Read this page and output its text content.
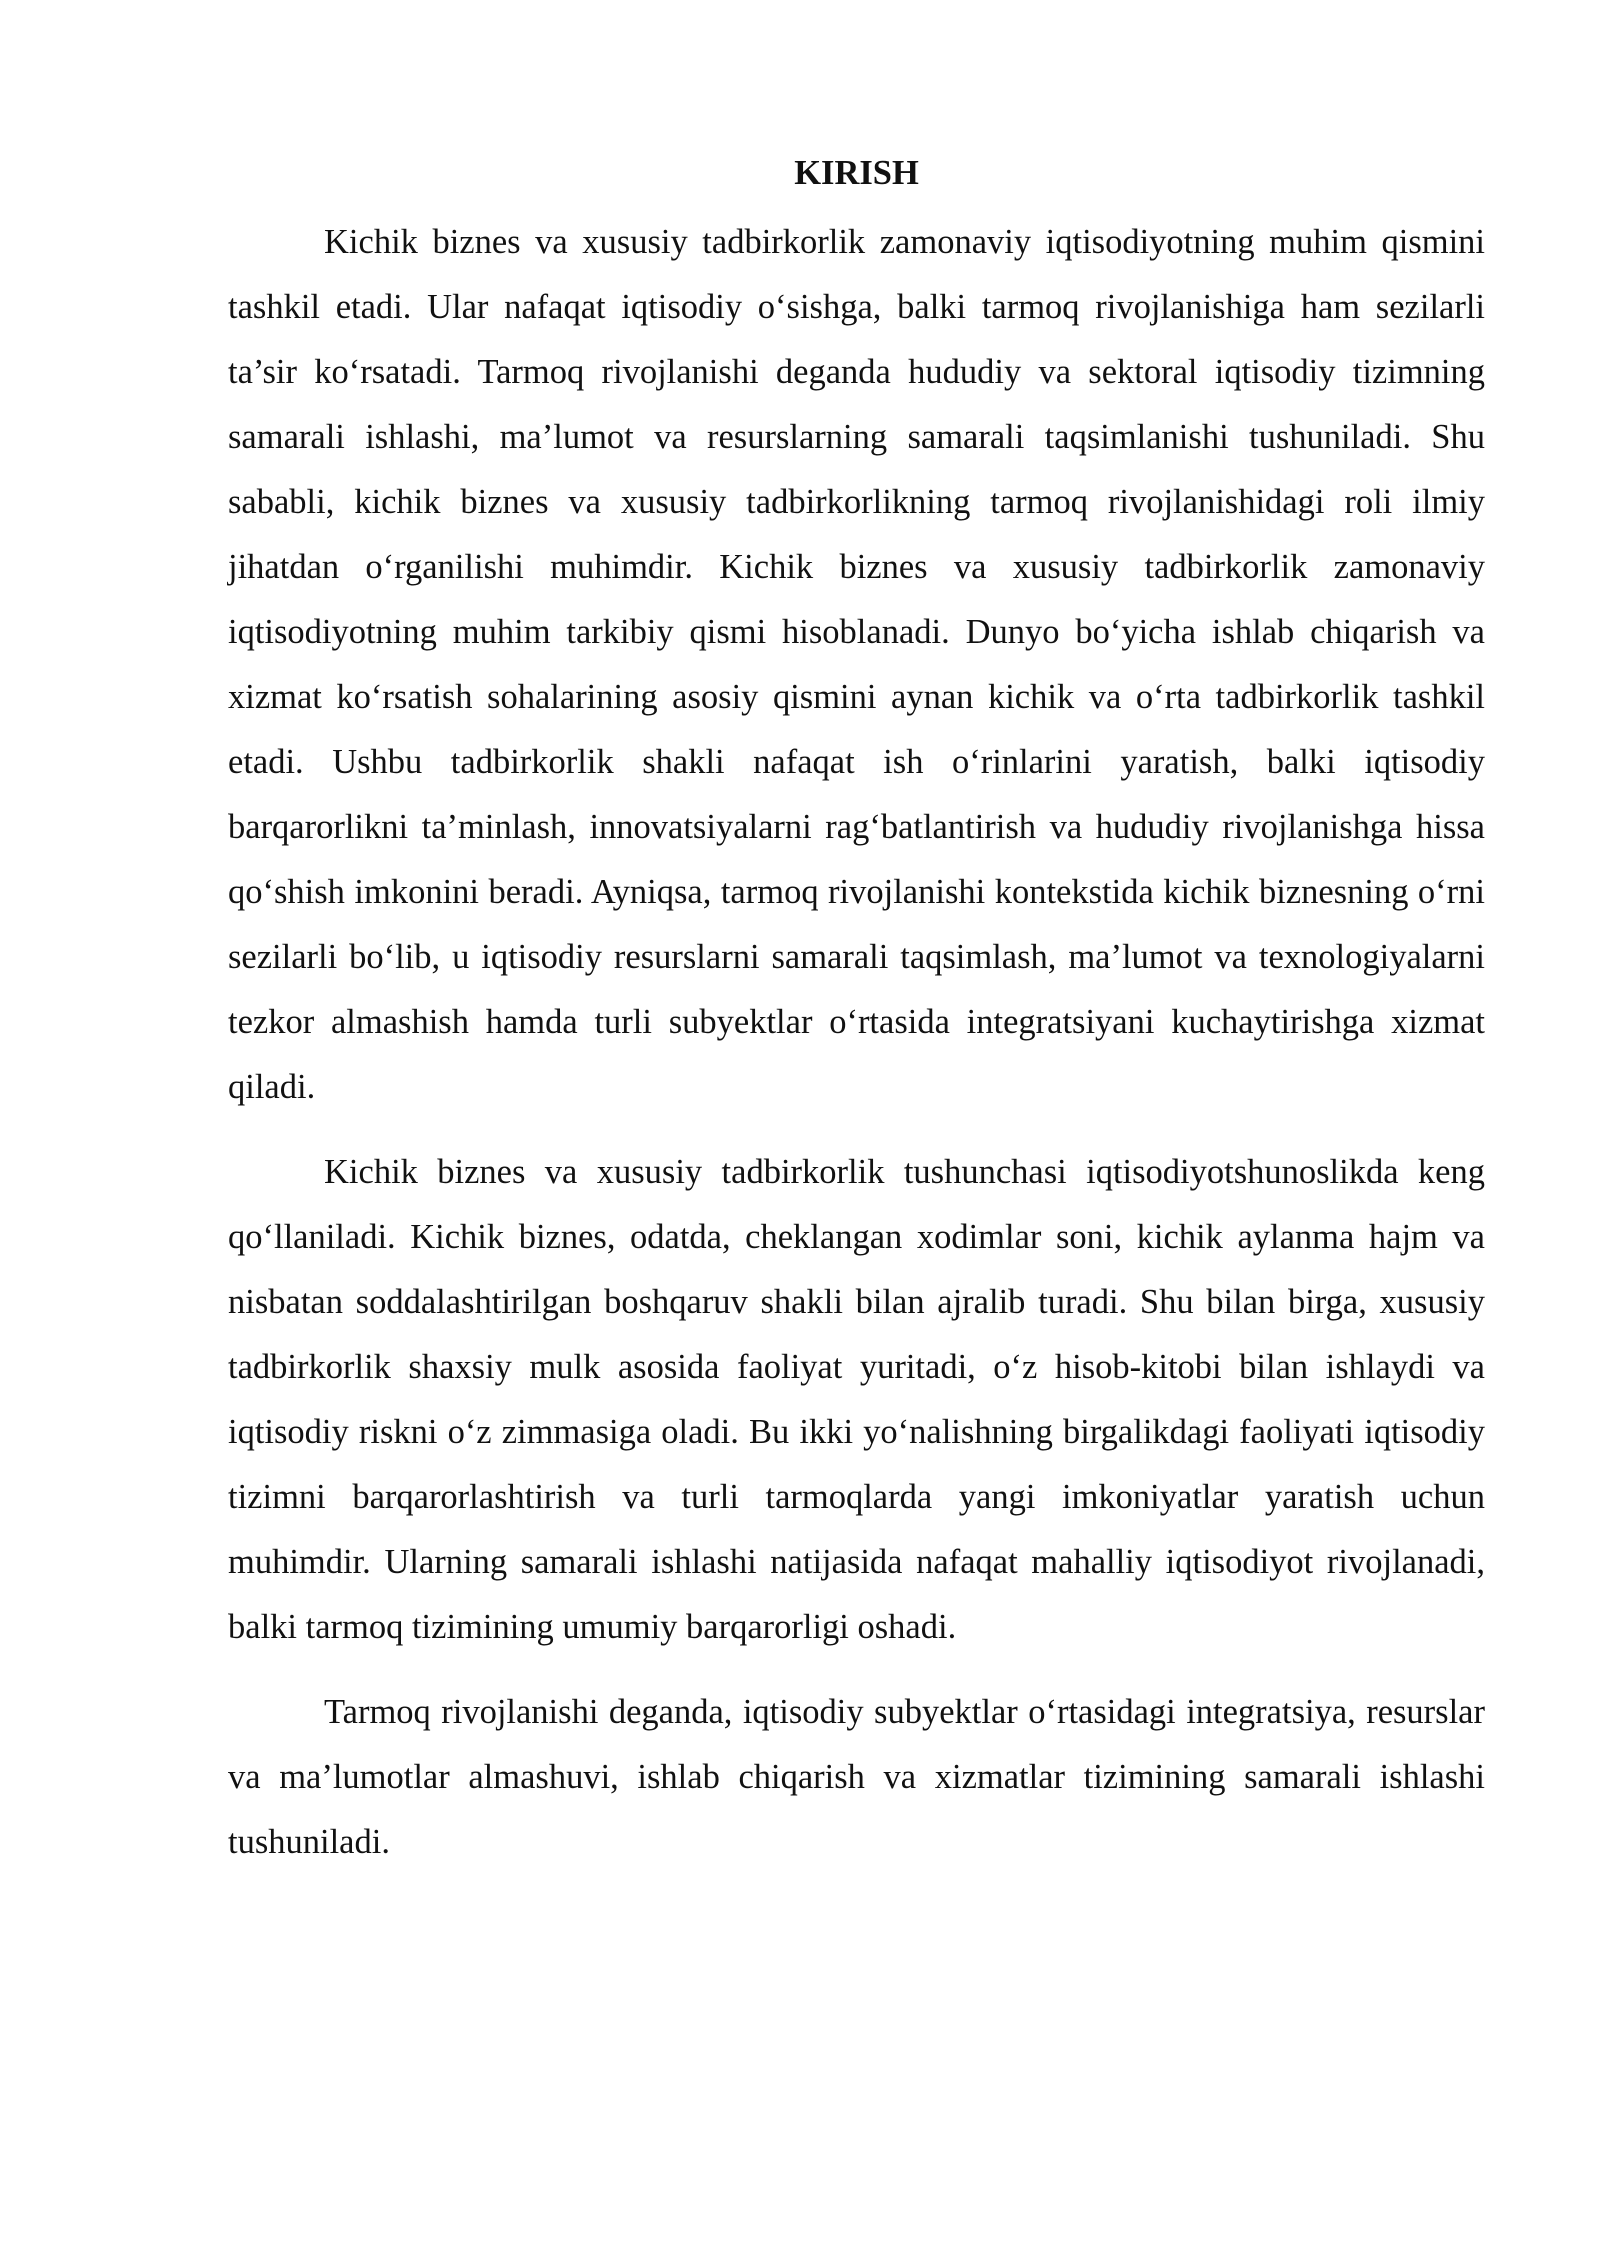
KIRISH

Kichik biznes va xususiy tadbirkorlik zamonaviy iqtisodiyotning muhim qismini tashkil etadi. Ular nafaqat iqtisodiy o‘sishga, balki tarmoq rivojlanishiga ham sezilarli ta’sir ko‘rsatadi. Tarmoq rivojlanishi deganda hududiy va sektoral iqtisodiy tizimning samarali ishlashi, ma’lumot va resurslarning samarali taqsimlanishi tushuniladi. Shu sababli, kichik biznes va xususiy tadbirkorlikning tarmoq rivojlanishidagi roli ilmiy jihatdan o‘rganilishi muhimdir. Kichik biznes va xususiy tadbirkorlik zamonaviy iqtisodiyotning muhim tarkibiy qismi hisoblanadi. Dunyo bo‘yicha ishlab chiqarish va xizmat ko‘rsatish sohalarining asosiy qismini aynan kichik va o‘rta tadbirkorlik tashkil etadi. Ushbu tadbirkorlik shakli nafaqat ish o‘rinlarini yaratish, balki iqtisodiy barqarorlikni ta’minlash, innovatsiyalarni rag‘batlantirish va hududiy rivojlanishga hissa qo‘shish imkonini beradi. Ayniqsa, tarmoq rivojlanishi kontekstida kichik biznesning o‘rni sezilarli bo‘lib, u iqtisodiy resurslarni samarali taqsimlash, ma’lumot va texnologiyalarni tezkor almashish hamda turli subyektlar o‘rtasida integratsiyani kuchaytirishga xizmat qiladi.

Kichik biznes va xususiy tadbirkorlik tushunchasi iqtisodiyotshunoslikda keng qo‘llaniladi. Kichik biznes, odatda, cheklangan xodimlar soni, kichik aylanma hajm va nisbatan soddalashtirilgan boshqaruv shakli bilan ajralib turadi. Shu bilan birga, xususiy tadbirkorlik shaxsiy mulk asosida faoliyat yuritadi, o‘z hisob-kitobi bilan ishlaydi va iqtisodiy riskni o‘z zimmasiga oladi. Bu ikki yo‘nalishning birgalikdagi faoliyati iqtisodiy tizimni barqarorlashtirish va turli tarmoqlarda yangi imkoniyatlar yaratish uchun muhimdir. Ularning samarali ishlashi natijasida nafaqat mahalliy iqtisodiyot rivojlanadi, balki tarmoq tizimining umumiy barqarorligi oshadi.

Tarmoq rivojlanishi deganda, iqtisodiy subyektlar o‘rtasidagi integratsiya, resurslar va ma’lumotlar almashuvi, ishlab chiqarish va xizmatlar tizimining samarali ishlashi tushuniladi.
